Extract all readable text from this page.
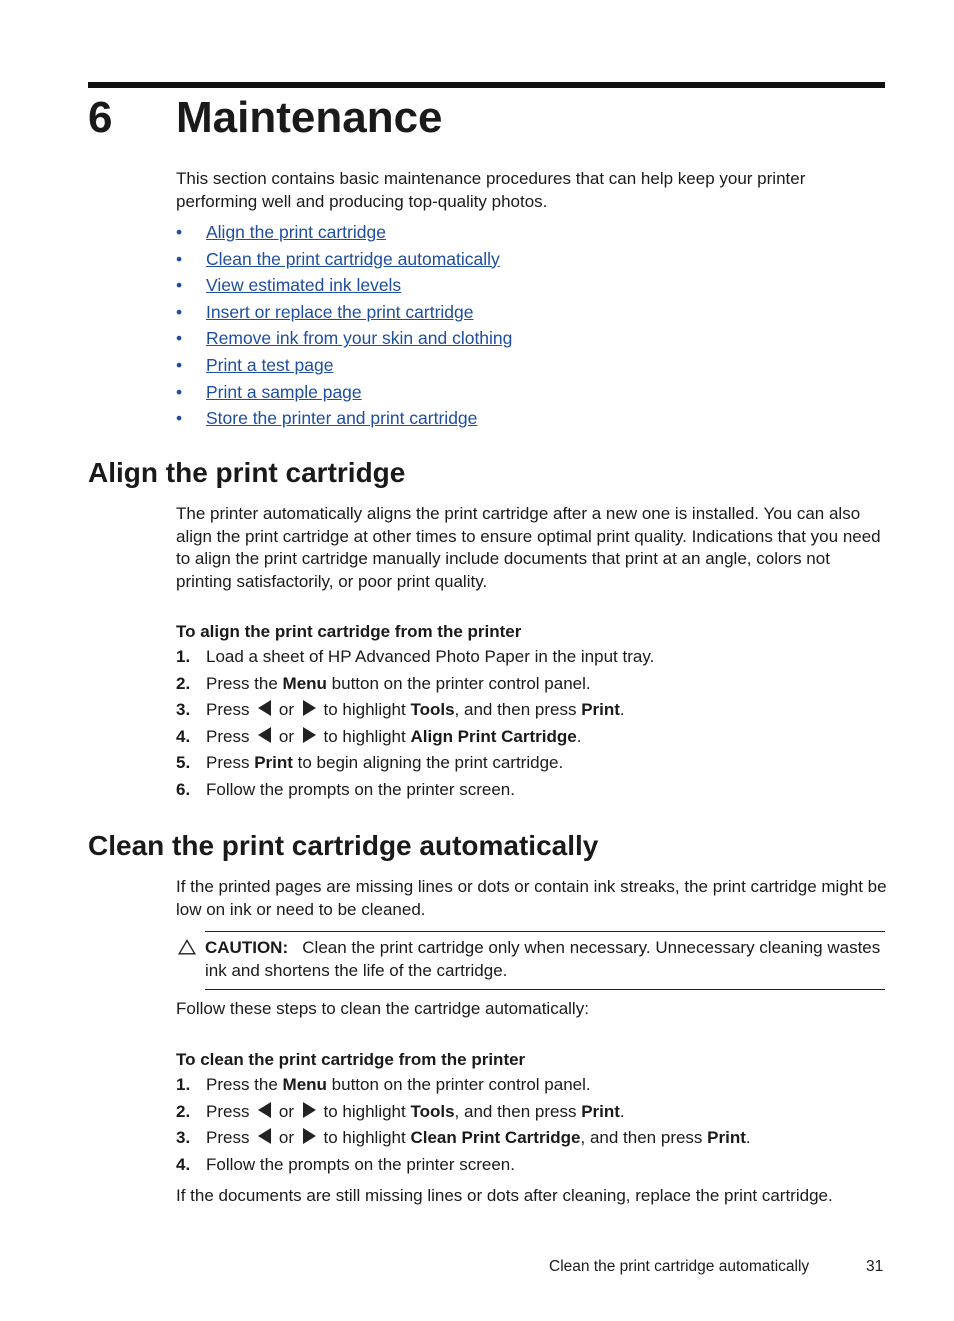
6 Maintenance

This section contains basic maintenance procedures that can help keep your printer performing well and producing top-quality photos.

• Align the print cartridge
• Clean the print cartridge automatically
• View estimated ink levels
• Insert or replace the print cartridge
• Remove ink from your skin and clothing
• Print a test page
• Print a sample page
• Store the printer and print cartridge
Align the print cartridge

The printer automatically aligns the print cartridge after a new one is installed. You can also align the print cartridge at other times to ensure optimal print quality. Indications that you need to align the print cartridge manually include documents that print at an angle, colors not printing satisfactorily, or poor print quality.

To align the print cartridge from the printer

1. Load a sheet of HP Advanced Photo Paper in the input tray.
2. Press the Menu button on the printer control panel.
3. Press  or  to highlight Tools, and then press Print.
4. Press  or  to highlight Align Print Cartridge.
5. Press Print to begin aligning the print cartridge.
6. Follow the prompts on the printer screen.
Clean the print cartridge automatically

If the printed pages are missing lines or dots or contain ink streaks, the print cartridge might be low on ink or need to be cleaned.

CAUTION: Clean the print cartridge only when necessary. Unnecessary cleaning wastes ink and shortens the life of the cartridge.

Follow these steps to clean the cartridge automatically:

To clean the print cartridge from the printer

1. Press the Menu button on the printer control panel.
2. Press  or  to highlight Tools, and then press Print.
3. Press  or  to highlight Clean Print Cartridge, and then press Print.
4. Follow the prompts on the printer screen.

If the documents are still missing lines or dots after cleaning, replace the print cartridge.

Clean the print cartridge automatically	31
